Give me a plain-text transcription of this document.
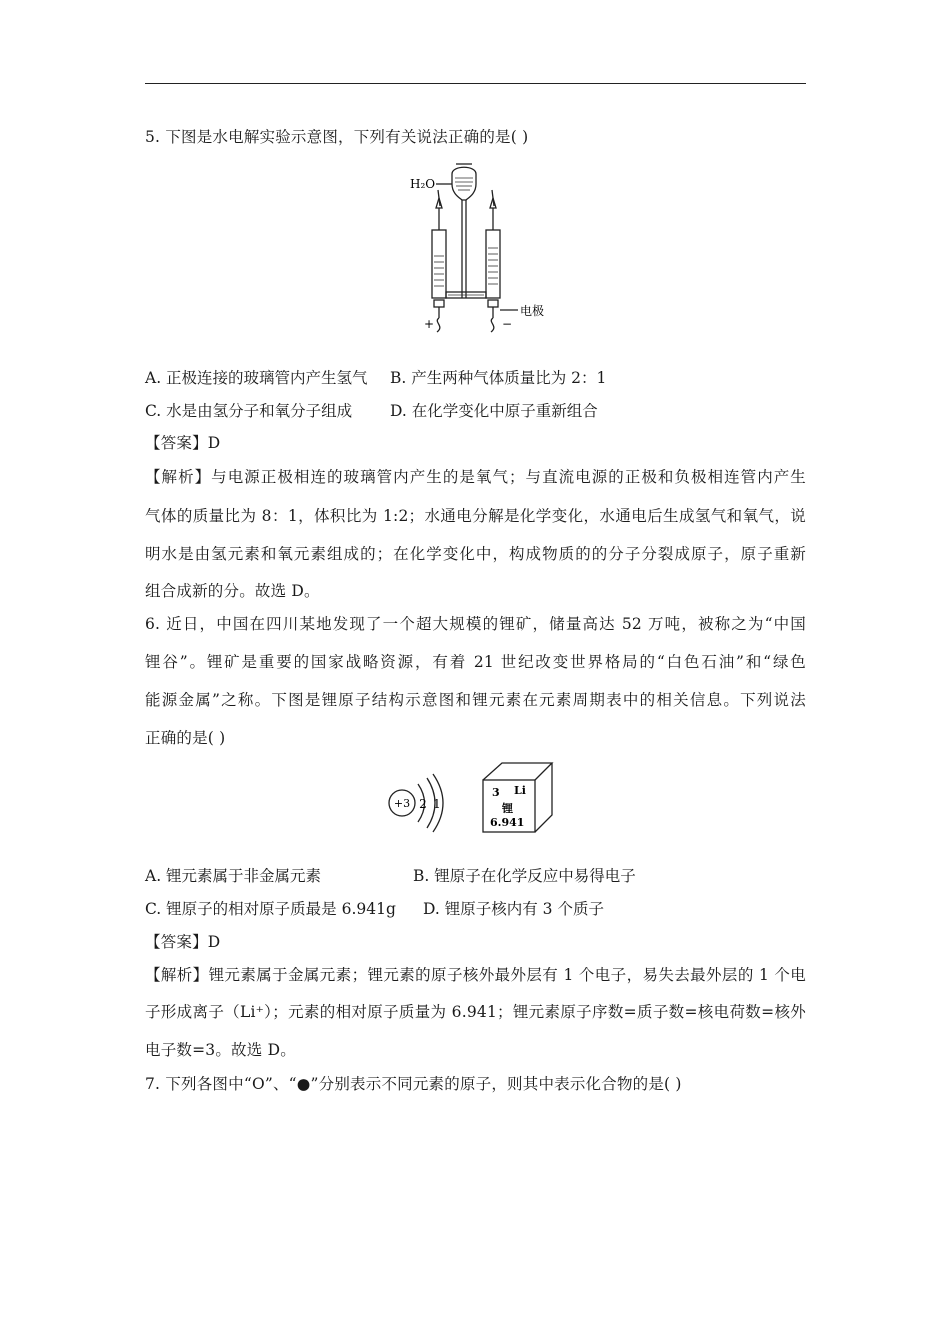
5. 下图是水电解实验示意图，下列有关说法正确的是( )
H₂O
+	−
电极
A. 正极连接的玻璃管内产生氢气 B. 产生两种气体质量比为 2：1
C. 水是由氢分子和氧分子组成 D. 在化学变化中原子重新组合
【答案】D
【解析】与电源正极相连的玻璃管内产生的是氧气；与直流电源的正极和负极相连管内产生
气体的质量比为 8：1，体积比为 1:2；水通电分解是化学变化，水通电后生成氢气和氧气，说
明水是由氢元素和氧元素组成的；在化学变化中，构成物质的的分子分裂成原子，原子重新
组合成新的分。故选 D。
6. 近日，中国在四川某地发现了一个超大规模的锂矿，储量高达 52 万吨，被称之为“中国
锂谷”。锂矿是重要的国家战略资源，有着 21 世纪改变世界格局的“白色石油”和“绿色
能源金属”之称。下图是锂原子结构示意图和锂元素在元素周期表中的相关信息。下列说法
正确的是( )
+3 2 1
3 Li
锂
6.941
A. 锂元素属于非金属元素	B. 锂原子在化学反应中易得电子
C. 锂原子的相对原子质最是 6.941g D. 锂原子核内有 3 个质子
【答案】D
【解析】锂元素属于金属元素；锂元素的原子核外最外层有 1 个电子，易失去最外层的 1 个电
子形成离子（Li⁺）；元素的相对原子质量为 6.941；锂元素原子序数=质子数=核电荷数=核外
电子数=3。故选 D。
7. 下列各图中“O”、“●”分别表示不同元素的原子，则其中表示化合物的是( )
